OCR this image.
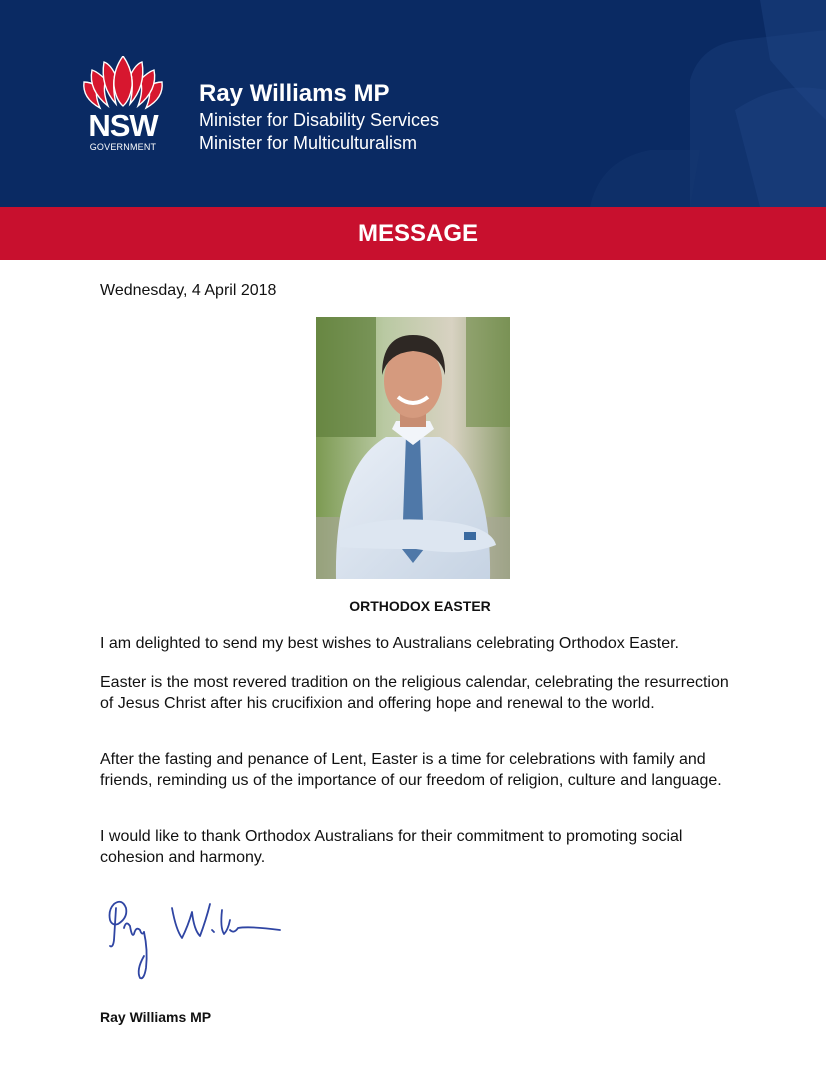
NSW
GOVERNMENT
Ray Williams MP
Minister for Disability Services
Minister for Multiculturalism
MESSAGE
Wednesday, 4 April 2018
ORTHODOX EASTER

I am delighted to send my best wishes to Australians celebrating Orthodox Easter.

Easter is the most revered tradition on the religious calendar, celebrating the resurrection of Jesus Christ after his crucifixion and offering hope and renewal to the world.

After the fasting and penance of Lent, Easter is a time for celebrations with family and friends, reminding us of the importance of our freedom of religion, culture and language.

I would like to thank Orthodox Australians for their commitment to promoting social cohesion and harmony.

Ray Williams MP
